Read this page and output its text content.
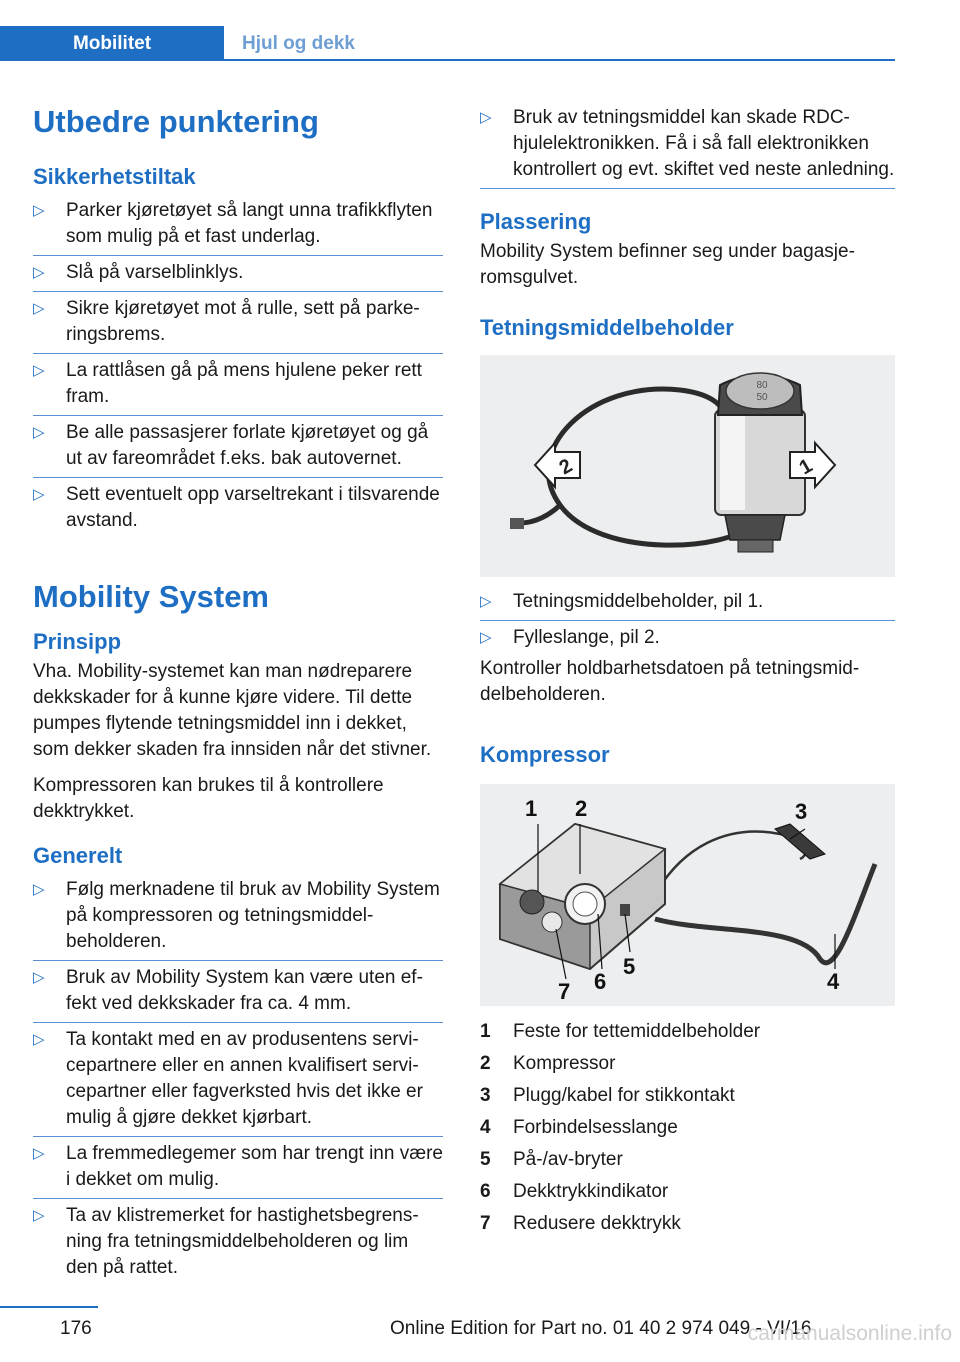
Mobilitet	Hjul og dekk
Utbedre punktering
Sikkerhetstiltak
▷ Parker kjøretøyet så langt unna trafikkflyten som mulig på et fast underlag.
▷ Slå på varselblinklys.
▷ Sikre kjøretøyet mot å rulle, sett på parkeringsbrems.
▷ La rattlåsen gå på mens hjulene peker rett fram.
▷ Be alle passasjerer forlate kjøretøyet og gå ut av fareområdet f.eks. bak autovernet.
▷ Sett eventuelt opp varseltrekant i tilsvarende avstand.
Mobility System
Prinsipp

Vha. Mobility-systemet kan man nødreparere dekkskader for å kunne kjøre videre. Til dette pumpes flytende tetningsmiddel inn i dekket, som dekker skaden fra innsiden når det stivner.

Kompressoren kan brukes til å kontrollere dekktrykket.

Generelt
▷ Følg merknadene til bruk av Mobility System på kompressoren og tetningsmiddelbeholderen.
▷ Bruk av Mobility System kan være uten effekt ved dekkskader fra ca. 4 mm.
▷ Ta kontakt med en av produsentens servicepartnere eller en annen kvalifisert servicepartner eller fagverksted hvis det ikke er mulig å gjøre dekket kjørbart.
▷ La fremmedlegemer som har trengt inn være i dekket om mulig.
▷ Ta av klistremerket for hastighetsbegrensning fra tetningsmiddelbeholderen og lim den på rattet.
▷ Bruk av tetningsmiddel kan skade RDC-hjulelektronikken. Få i så fall elektronikken kontrollert og evt. skiftet ved neste anledning.
Plassering

Mobility System befinner seg under bagasjeromsgulvet.

Tetningsmiddelbeholder
80
50
2	1
▷ Tetningsmiddelbeholder, pil 1.
▷ Fylleslange, pil 2.

Kontroller holdbarhetsdatoen på tetningsmiddelbeholderen.

Kompressor
1 2	3
4
5
6
7
1 Feste for tettemiddelbeholder
2 Kompressor
3 Plugg/kabel for stikkontakt
4 Forbindelsesslange
5 På-/av-bryter
6 Dekktrykkindikator
7 Redusere dekktrykk
176	Online Edition for Part no. 01 40 2 974 049 - VI/16
carmanualsonline.info
